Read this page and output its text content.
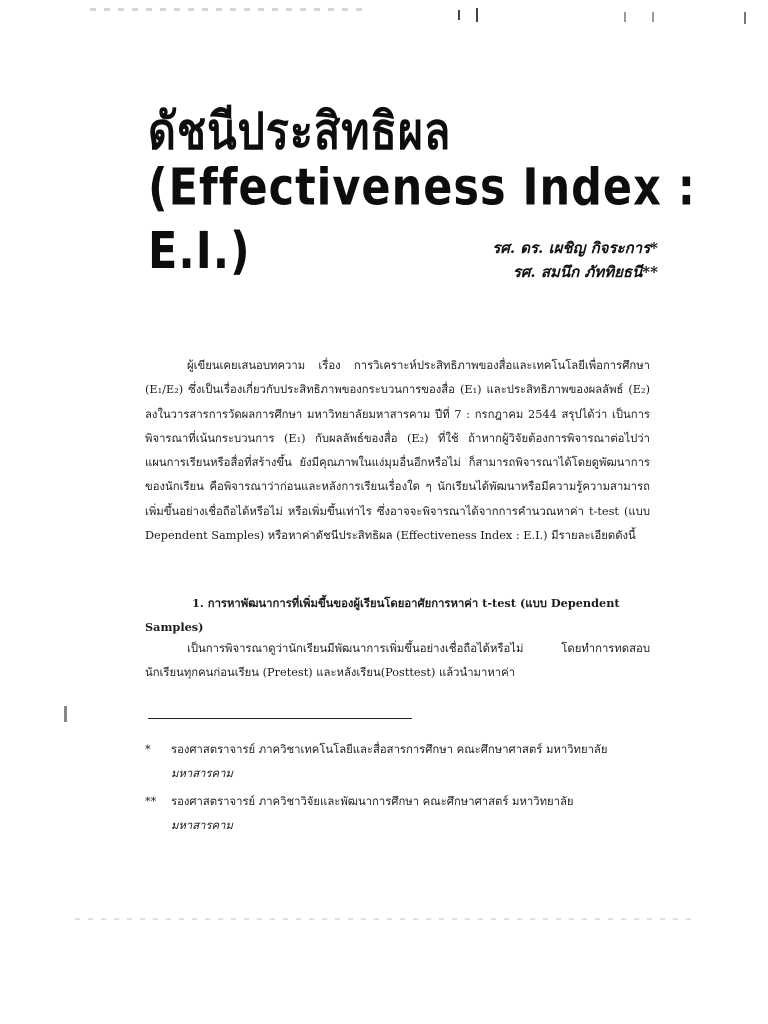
ดัชนีประสิทธิผล
(Effectiveness Index : E.I.)	รศ. ดร. เผชิญ กิจระการ*
รศ. สมนึก ภัททิยธนี**

ผู้เขียนเคยเสนอบทความ เรื่อง การวิเคราะห์ประสิทธิภาพของสื่อและเทคโนโลยีเพื่อการศึกษา (E₁/E₂) ซึ่งเป็นเรื่องเกี่ยวกับประสิทธิภาพของกระบวนการของสื่อ (E₁) และประสิทธิภาพของผลลัพธ์ (E₂) ลงในวารสารการวัดผลการศึกษา มหาวิทยาลัยมหาสารคาม ปีที่ 7 : กรกฎาคม 2544 สรุปได้ว่า เป็นการพิจารณาที่เน้นกระบวนการ (E₁) กับผลลัพธ์ของสื่อ (E₂) ที่ใช้ ถ้าหากผู้วิจัยต้องการพิจารณาต่อไปว่าแผนการเรียนหรือสื่อที่สร้างขึ้น ยังมีคุณภาพในแง่มุมอื่นอีกหรือไม่ ก็สามารถพิจารณาได้โดยดูพัฒนาการของนักเรียน คือพิจารณาว่าก่อนและหลังการเรียนเรื่องใด ๆ นักเรียนได้พัฒนาหรือมีความรู้ความสามารถเพิ่มขึ้นอย่างเชื่อถือได้หรือไม่ หรือเพิ่มขึ้นเท่าไร ซึ่งอาจจะพิจารณาได้จากการคำนวณหาค่า t-test (แบบ Dependent Samples) หรือหาค่าดัชนีประสิทธิผล (Effectiveness Index : E.I.) มีรายละเอียดดังนี้

1. การหาพัฒนาการที่เพิ่มขึ้นของผู้เรียนโดยอาศัยการหาค่า t-test (แบบ Dependent Samples)

เป็นการพิจารณาดูว่านักเรียนมีพัฒนาการเพิ่มขึ้นอย่างเชื่อถือได้หรือไม่ โดยทำการทดสอบนักเรียนทุกคนก่อนเรียน (Pretest) และหลังเรียน(Posttest) แล้วนำมาหาค่า

*	รองศาสตราจารย์ ภาควิชาเทคโนโลยีและสื่อสารการศึกษา คณะศึกษาศาสตร์ มหาวิทยาลัย
มหาสารคาม
**	รองศาสตราจารย์ ภาควิชาวิจัยและพัฒนาการศึกษา คณะศึกษาศาสตร์ มหาวิทยาลัย
มหาสารคาม
